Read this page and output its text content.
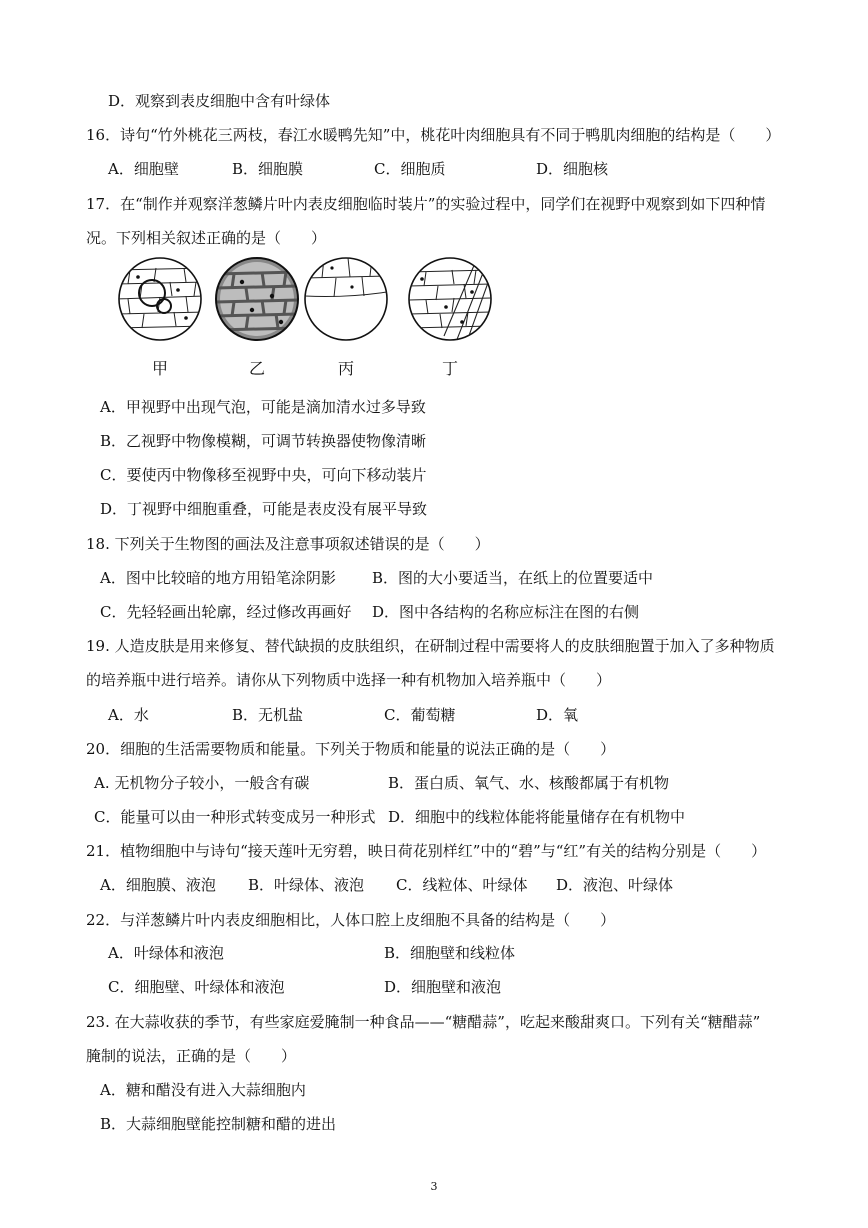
D．观察到表皮细胞中含有叶绿体
16．诗句“竹外桃花三两枝，春江水暖鸭先知”中，桃花叶肉细胞具有不同于鸭肌肉细胞的结构是（　　）
A．细胞壁	B．细胞膜	C．细胞质	D．细胞核
17．在“制作并观察洋葱鳞片叶内表皮细胞临时装片”的实验过程中，同学们在视野中观察到如下四种情
况。下列相关叙述正确的是（　　）
甲	乙	丙	丁
A．甲视野中出现气泡，可能是滴加清水过多导致
B．乙视野中物像模糊，可调节转换器使物像清晰
C．要使丙中物像移至视野中央，可向下移动装片
D．丁视野中细胞重叠，可能是表皮没有展平导致
18. 下列关于生物图的画法及注意事项叙述错误的是（　　）
A．图中比较暗的地方用铅笔涂阴影 B．图的大小要适当，在纸上的位置要适中
C．先轻轻画出轮廓，经过修改再画好 D．图中各结构的名称应标注在图的右侧
19. 人造皮肤是用来修复、替代缺损的皮肤组织，在研制过程中需要将人的皮肤细胞置于加入了多种物质
的培养瓶中进行培养。请你从下列物质中选择一种有机物加入培养瓶中（　　）
A．水	B．无机盐	C．葡萄糖	D．氧
20．细胞的生活需要物质和能量。下列关于物质和能量的说法正确的是（　　）
A. 无机物分子较小，一般含有碳	B．蛋白质、氧气、水、核酸都属于有机物
C．能量可以由一种形式转变成另一种形式 D．细胞中的线粒体能将能量储存在有机物中
21．植物细胞中与诗句“接天莲叶无穷碧，映日荷花别样红”中的“碧”与“红”有关的结构分别是（　　）
A．细胞膜、液泡 B．叶绿体、液泡 C．线粒体、叶绿体 D．液泡、叶绿体
22．与洋葱鳞片叶内表皮细胞相比，人体口腔上皮细胞不具备的结构是（　　）
A．叶绿体和液泡	B．细胞壁和线粒体
C．细胞壁、叶绿体和液泡	D．细胞壁和液泡
23. 在大蒜收获的季节，有些家庭爱腌制一种食品——“糖醋蒜”，吃起来酸甜爽口。下列有关“糖醋蒜”
腌制的说法，正确的是（　　）
A．糖和醋没有进入大蒜细胞内
B．大蒜细胞壁能控制糖和醋的进出
3
